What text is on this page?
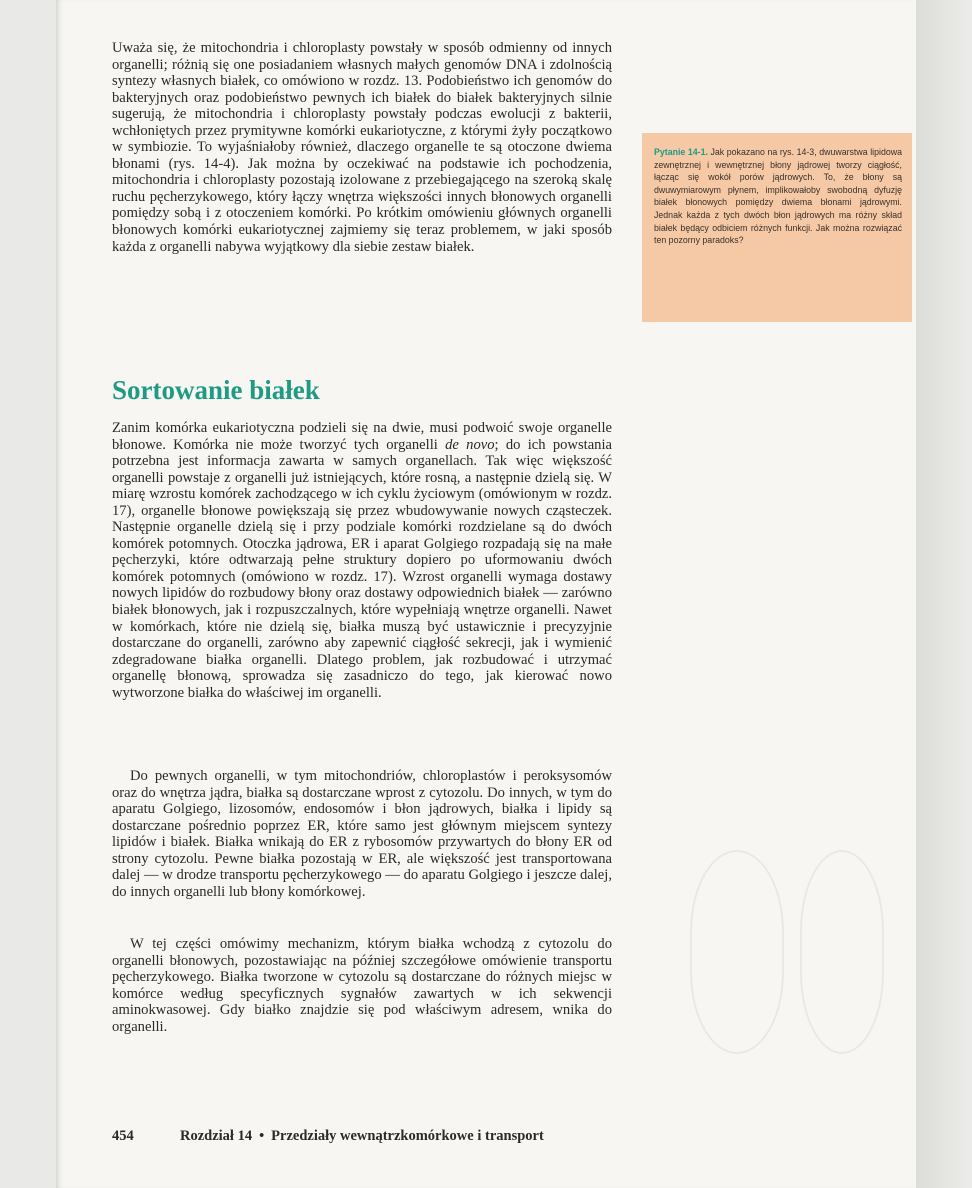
Uważa się, że mitochondria i chloroplasty powstały w sposób odmienny od innych organelli; różnią się one posiadaniem własnych małych genomów DNA i zdolnością syntezy własnych białek, co omówiono w rozdz. 13. Podobieństwo ich genomów do bakteryjnych oraz podobieństwo pewnych ich białek do białek bakteryjnych silnie sugerują, że mitochondria i chloroplasty powstały podczas ewolucji z bakterii, wchłoniętych przez prymitywne komórki eukariotyczne, z którymi żyły początkowo w symbiozie. To wyjaśniałoby również, dlaczego organelle te są otoczone dwiema błonami (rys. 14-4). Jak można by oczekiwać na podstawie ich pochodzenia, mitochondria i chloroplasty pozostają izolowane z przebiegającego na szeroką skalę ruchu pęcherzykowego, który łączy wnętrza większości innych błonowych organelli pomiędzy sobą i z otoczeniem komórki. Po krótkim omówieniu głównych organelli błonowych komórki eukariotycznej zajmiemy się teraz problemem, w jaki sposób każda z organelli nabywa wyjątkowy dla siebie zestaw białek.

Pytanie 14-1. Jak pokazano na rys. 14-3, dwuwarstwa lipidowa zewnętrznej i wewnętrznej błony jądrowej tworzy ciągłość, łącząc się wokół porów jądrowych. To, że błony są dwuwymiarowym płynem, implikowałoby swobodną dyfuzję białek błonowych pomiędzy dwiema błonami jądrowymi. Jednak każda z tych dwóch błon jądrowych ma różny skład białek będący odbiciem różnych funkcji. Jak można rozwiązać ten pozorny paradoks?
Sortowanie białek

Zanim komórka eukariotyczna podzieli się na dwie, musi podwoić swoje organelle błonowe. Komórka nie może tworzyć tych organelli de novo; do ich powstania potrzebna jest informacja zawarta w samych organellach. Tak więc większość organelli powstaje z organelli już istniejących, które rosną, a następnie dzielą się. W miarę wzrostu komórek zachodzącego w ich cyklu życiowym (omówionym w rozdz. 17), organelle błonowe powiększają się przez wbudowywanie nowych cząsteczek. Następnie organelle dzielą się i przy podziale komórki rozdzielane są do dwóch komórek potomnych. Otoczka jądrowa, ER i aparat Golgiego rozpadają się na małe pęcherzyki, które odtwarzają pełne struktury dopiero po uformowaniu dwóch komórek potomnych (omówiono w rozdz. 17). Wzrost organelli wymaga dostawy nowych lipidów do rozbudowy błony oraz dostawy odpowiednich białek — zarówno białek błonowych, jak i rozpuszczalnych, które wypełniają wnętrze organelli. Nawet w komórkach, które nie dzielą się, białka muszą być ustawicznie i precyzyjnie dostarczane do organelli, zarówno aby zapewnić ciągłość sekrecji, jak i wymienić zdegradowane białka organelli. Dlatego problem, jak rozbudować i utrzymać organellę błonową, sprowadza się zasadniczo do tego, jak kierować nowo wytworzone białka do właściwej im organelli.

Do pewnych organelli, w tym mitochondriów, chloroplastów i peroksysomów oraz do wnętrza jądra, białka są dostarczane wprost z cytozolu. Do innych, w tym do aparatu Golgiego, lizosomów, endosomów i błon jądrowych, białka i lipidy są dostarczane pośrednio poprzez ER, które samo jest głównym miejscem syntezy lipidów i białek. Białka wnikają do ER z rybosomów przywartych do błony ER od strony cytozolu. Pewne białka pozostają w ER, ale większość jest transportowana dalej — w drodze transportu pęcherzykowego — do aparatu Golgiego i jeszcze dalej, do innych organelli lub błony komórkowej.

W tej części omówimy mechanizm, którym białka wchodzą z cytozolu do organelli błonowych, pozostawiając na później szczegółowe omówienie transportu pęcherzykowego. Białka tworzone w cytozolu są dostarczane do różnych miejsc w komórce według specyficznych sygnałów zawartych w ich sekwencji aminokwasowej. Gdy białko znajdzie się pod właściwym adresem, wnika do organelli.

454	Rozdział 14 • Przedziały wewnątrzkomórkowe i transport
